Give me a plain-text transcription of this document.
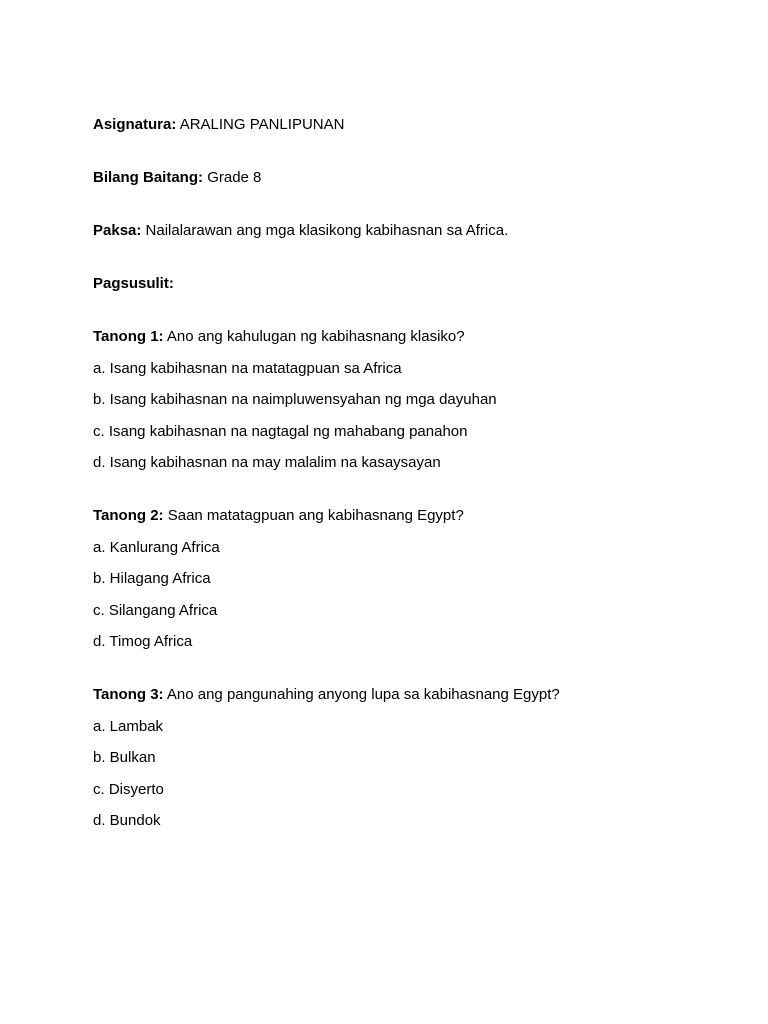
Asignatura: ARALING PANLIPUNAN
Bilang Baitang: Grade 8
Paksa: Nailalarawan ang mga klasikong kabihasnan sa Africa.
Pagsusulit:
Tanong 1: Ano ang kahulugan ng kabihasnang klasiko?
a. Isang kabihasnan na matatagpuan sa Africa
b. Isang kabihasnan na naimpluwensyahan ng mga dayuhan
c. Isang kabihasnan na nagtagal ng mahabang panahon
d. Isang kabihasnan na may malalim na kasaysayan
Tanong 2: Saan matatagpuan ang kabihasnang Egypt?
a. Kanlurang Africa
b. Hilagang Africa
c. Silangang Africa
d. Timog Africa
Tanong 3: Ano ang pangunahing anyong lupa sa kabihasnang Egypt?
a. Lambak
b. Bulkan
c. Disyerto
d. Bundok
